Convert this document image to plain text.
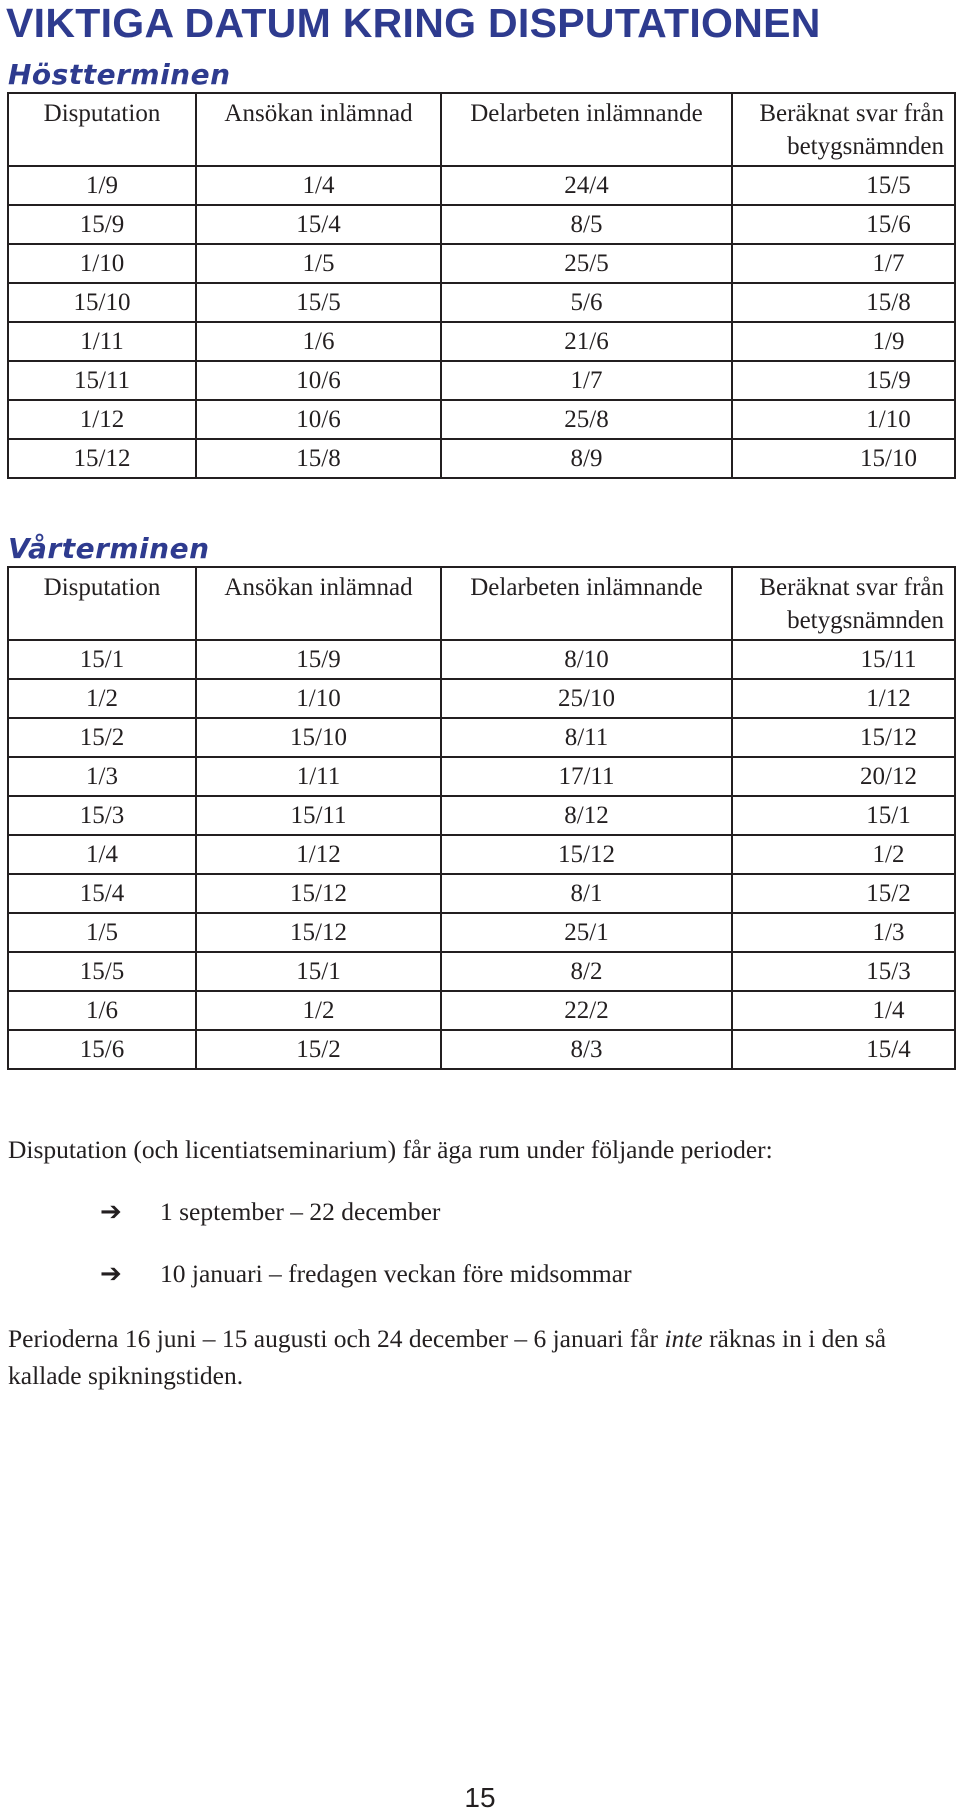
VIKTIGA DATUM KRING DISPUTATIONEN
Höstterminen
Disputation	Ansökan inlämnad	Delarbeten inlämnande	Beräknat svar från betygsnämnden
1/9	1/4	24/4	15/5
15/9	15/4	8/5	15/6
1/10	1/5	25/5	1/7
15/10	15/5	5/6	15/8
1/11	1/6	21/6	1/9
15/11	10/6	1/7	15/9
1/12	10/6	25/8	1/10
15/12	15/8	8/9	15/10
Vårterminen
Disputation	Ansökan inlämnad	Delarbeten inlämnande	Beräknat svar från betygsnämnden
15/1	15/9	8/10	15/11
1/2	1/10	25/10	1/12
15/2	15/10	8/11	15/12
1/3	1/11	17/11	20/12
15/3	15/11	8/12	15/1
1/4	1/12	15/12	1/2
15/4	15/12	8/1	15/2
1/5	15/12	25/1	1/3
15/5	15/1	8/2	15/3
1/6	1/2	22/2	1/4
15/6	15/2	8/3	15/4
Disputation (och licentiatseminarium) får äga rum under följande perioder:
➔ 1 september – 22 december
➔ 10 januari – fredagen veckan före midsommar
Perioderna 16 juni – 15 augusti och 24 december – 6 januari får inte räknas in i den så kallade spikningstiden.
15
